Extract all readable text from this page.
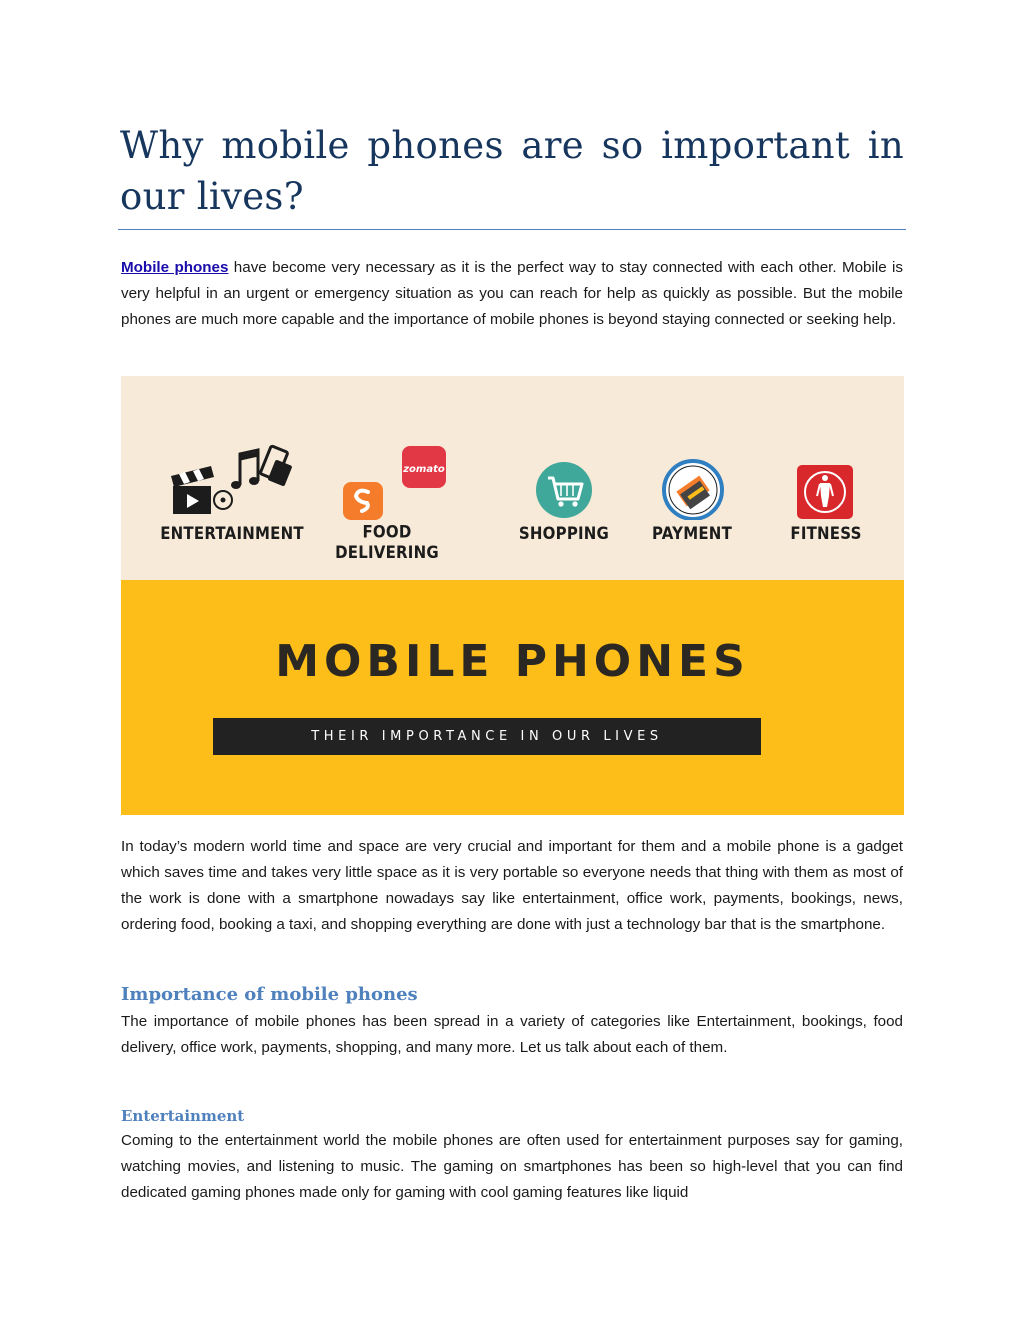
Why mobile phones are so important in our lives?

Mobile phones have become very necessary as it is the perfect way to stay connected with each other. Mobile is very helpful in an urgent or emergency situation as you can reach for help as quickly as possible. But the mobile phones are much more capable and the importance of mobile phones is beyond staying connected or seeking help.

ENTERTAINMENT
zomato
FOOD DELIVERING
SHOPPING	PAYMENT	FITNESS
MOBILE PHONES
THEIR IMPORTANCE IN OUR LIVES

In today’s modern world time and space are very crucial and important for them and a mobile phone is a gadget which saves time and takes very little space as it is very portable so everyone needs that thing with them as most of the work is done with a smartphone nowadays say like entertainment, office work, payments, bookings, news, ordering food, booking a taxi, and shopping everything are done with just a technology bar that is the smartphone.

Importance of mobile phones

The importance of mobile phones has been spread in a variety of categories like Entertainment, bookings, food delivery, office work, payments, shopping, and many more. Let us talk about each of them.

Entertainment

Coming to the entertainment world the mobile phones are often used for entertainment purposes say for gaming, watching movies, and listening to music. The gaming on smartphones has been so high-level that you can find dedicated gaming phones made only for gaming with cool gaming features like liquid
